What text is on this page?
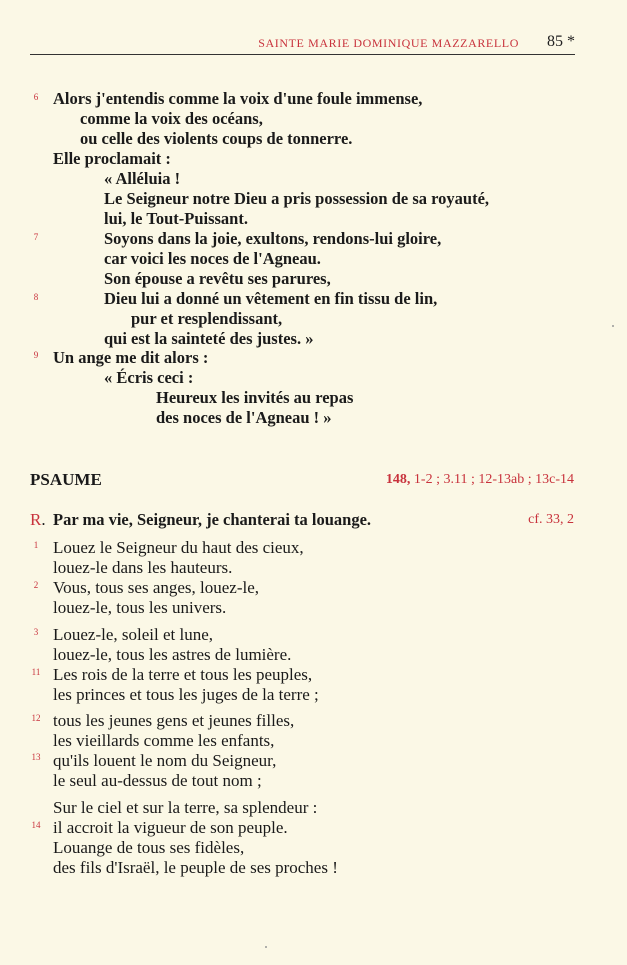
SAINTE MARIE DOMINIQUE MAZZARELLO 85 *
6
7
8
9
Alors j'entendis comme la voix d'une foule immense,
comme la voix des océans,
ou celle des violents coups de tonnerre.
Elle proclamait :
« Alléluia !
Le Seigneur notre Dieu a pris possession de sa royauté,
lui, le Tout-Puissant.
Soyons dans la joie, exultons, rendons-lui gloire,
car voici les noces de l'Agneau.
Son épouse a revêtu ses parures,
Dieu lui a donné un vêtement en fin tissu de lin,
pur et resplendissant,
qui est la sainteté des justes. »
Un ange me dit alors :
« Écris ceci :
Heureux les invités au repas
des noces de l'Agneau ! »
PSAUME	148, 1-2 ; 3.11 ; 12-13ab ; 13c-14
R. Par ma vie, Seigneur, je chanterai ta louange.	cf. 33, 2
1
2
3
11
12
13
14
Louez le Seigneur du haut des cieux,
louez-le dans les hauteurs.
Vous, tous ses anges, louez-le,
louez-le, tous les univers.
Louez-le, soleil et lune,
louez-le, tous les astres de lumière.
Les rois de la terre et tous les peuples,
les princes et tous les juges de la terre ;
tous les jeunes gens et jeunes filles,
les vieillards comme les enfants,
qu'ils louent le nom du Seigneur,
le seul au-dessus de tout nom ;
Sur le ciel et sur la terre, sa splendeur :
il accroit la vigueur de son peuple.
Louange de tous ses fidèles,
des fils d'Israël, le peuple de ses proches !
